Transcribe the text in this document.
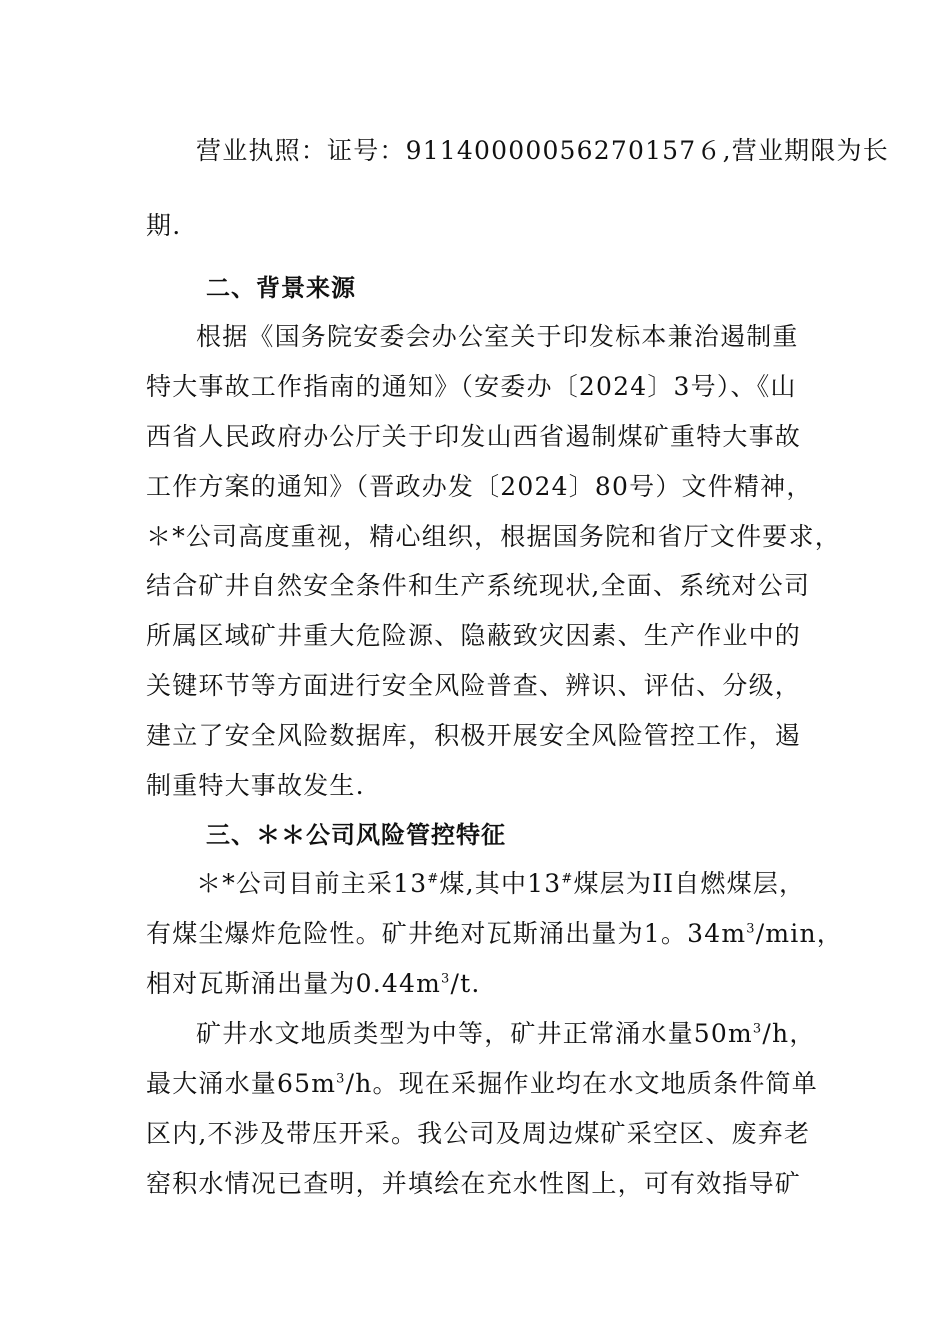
营业执照：证号：91140000056270157６,营业期限为长
期.
二、背景来源
根据《国务院安委会办公室关于印发标本兼治遏制重
特大事故工作指南的通知》（安委办〔2024〕3号）、《山
西省人民政府办公厅关于印发山西省遏制煤矿重特大事故
工作方案的通知》（晋政办发〔2024〕80号）文件精神，
＊*公司高度重视，精心组织，根据国务院和省厅文件要求，
结合矿井自然安全条件和生产系统现状,全面、系统对公司
所属区域矿井重大危险源、隐蔽致灾因素、生产作业中的
关键环节等方面进行安全风险普查、辨识、评估、分级，
建立了安全风险数据库，积极开展安全风险管控工作，遏
制重特大事故发生.
三、＊＊公司风险管控特征
＊*公司目前主采13#煤,其中13#煤层为II自燃煤层，
有煤尘爆炸危险性。矿井绝对瓦斯涌出量为1。$34m^3/\min$，
相对瓦斯涌出量为$0.44m^3/t$.
矿井水文地质类型为中等，矿井正常涌水量$50m^3/h$，
最大涌水量$65m^3/h$。现在采掘作业均在水文地质条件简单
区内,不涉及带压开采。我公司及周边煤矿采空区、废弃老
窑积水情况已查明，并填绘在充水性图上，可有效指导矿
